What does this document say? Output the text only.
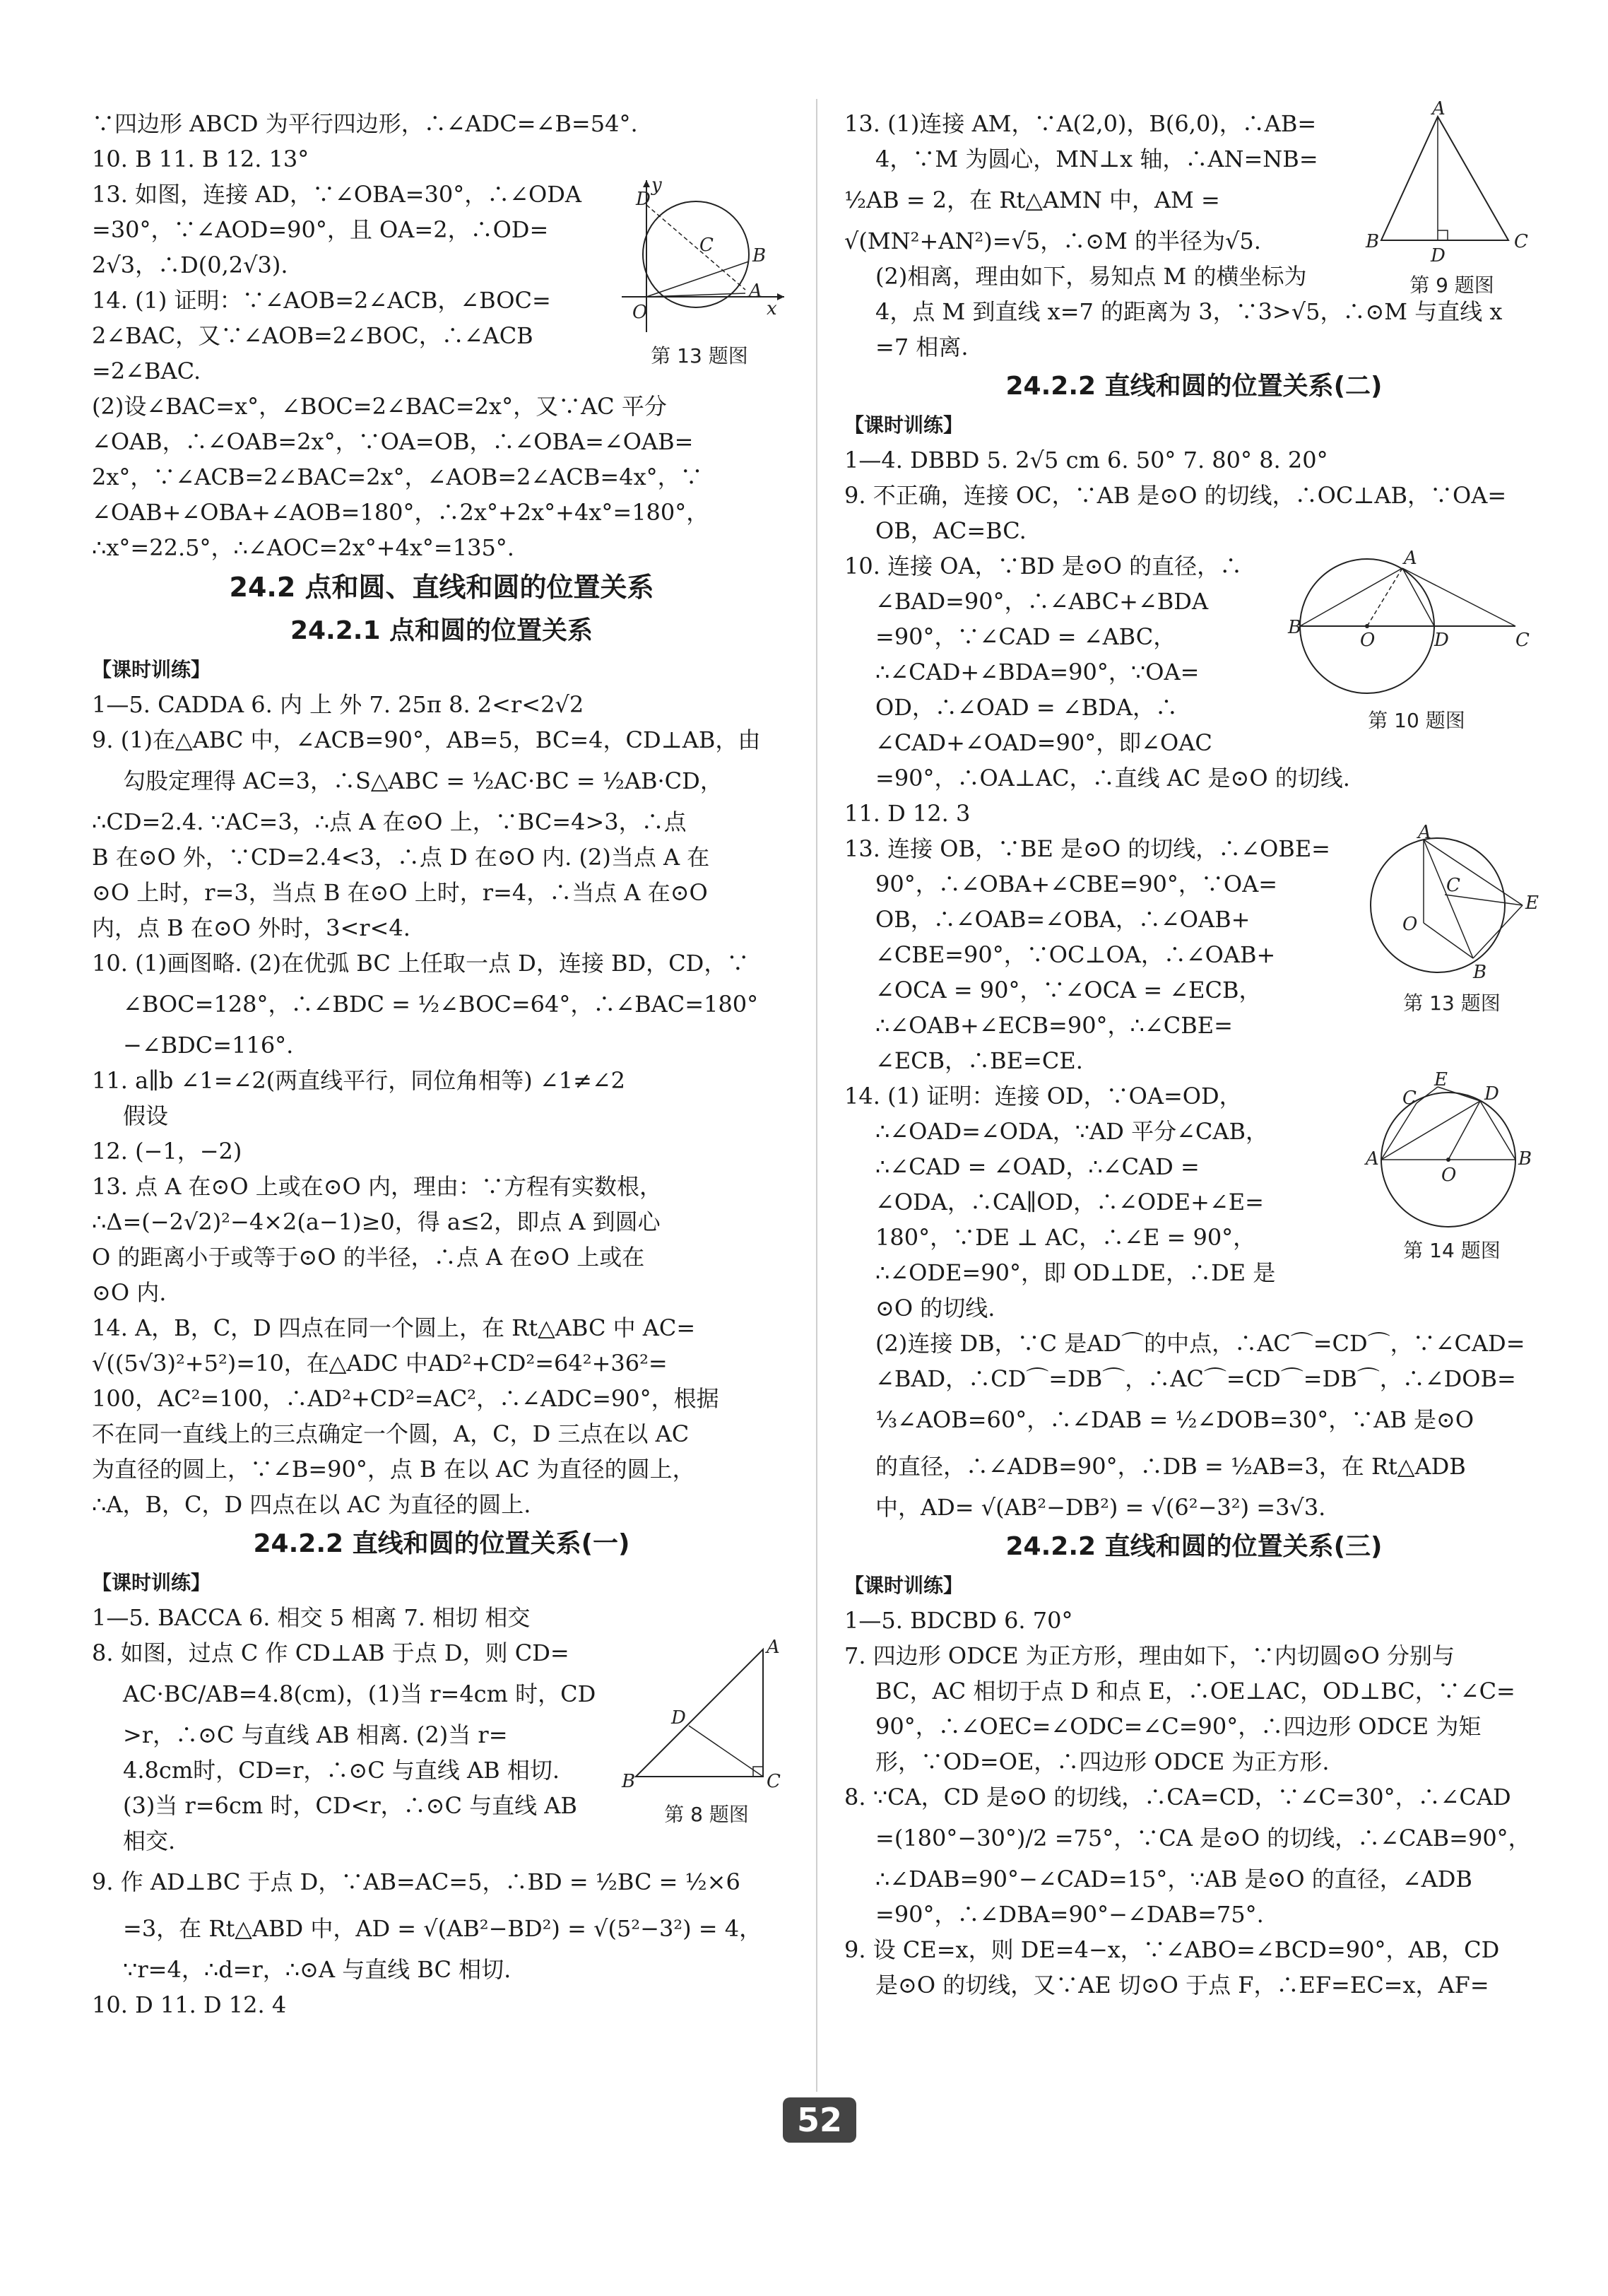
∵四边形 ABCD 为平行四边形，∴∠ADC=∠B=54°.
10. B 11. B 12. 13°
D
C B
A
O	x
y
第 13 题图
13. 如图，连接 AD，∵∠OBA=30°，∴∠ODA
=30°，∵∠AOD=90°，且 OA=2，∴OD=
2√3，∴D(0,2√3).
14. (1) 证明：∵∠AOB=2∠ACB，∠BOC=
2∠BAC，又∵∠AOB=2∠BOC，∴∠ACB
=2∠BAC.
(2)设∠BAC=x°，∠BOC=2∠BAC=2x°，又∵AC 平分
∠OAB，∴∠OAB=2x°，∵OA=OB，∴∠OBA=∠OAB=
2x°，∵∠ACB=2∠BAC=2x°，∠AOB=2∠ACB=4x°，∵
∠OAB+∠OBA+∠AOB=180°，∴2x°+2x°+4x°=180°，
∴x°=22.5°，∴∠AOC=2x°+4x°=135°.
24.2 点和圆、直线和圆的位置关系
24.2.1 点和圆的位置关系
【课时训练】
1—5. CADDA 6. 内 上 外 7. 25π 8. 2<r<2√2
9. (1)在△ABC 中，∠ACB=90°，AB=5，BC=4，CD⊥AB，由
勾股定理得 AC=3，∴S△ABC = ½AC·BC = ½AB·CD，
∴CD=2.4. ∵AC=3，∴点 A 在⊙O 上，∵BC=4>3，∴点
B 在⊙O 外，∵CD=2.4<3，∴点 D 在⊙O 内. (2)当点 A 在
⊙O 上时，r=3，当点 B 在⊙O 上时，r=4，∴当点 A 在⊙O
内，点 B 在⊙O 外时，3<r<4.
10. (1)画图略. (2)在优弧 BC 上任取一点 D，连接 BD，CD，∵
∠BOC=128°，∴∠BDC = ½∠BOC=64°，∴∠BAC=180°
−∠BDC=116°.
11. a∥b ∠1=∠2(两直线平行，同位角相等) ∠1≠∠2
假设
12. (−1，−2)
13. 点 A 在⊙O 上或在⊙O 内，理由：∵方程有实数根，
∴Δ=(−2√2)²−4×2(a−1)≥0，得 a≤2，即点 A 到圆心
O 的距离小于或等于⊙O 的半径，∴点 A 在⊙O 上或在
⊙O 内.
14. A，B，C，D 四点在同一个圆上，在 Rt△ABC 中 AC=
√((5√3)²+5²)=10，在△ADC 中AD²+CD²=64²+36²=
100，AC²=100，∴AD²+CD²=AC²，∴∠ADC=90°，根据
不在同一直线上的三点确定一个圆，A，C，D 三点在以 AC
为直径的圆上，∵∠B=90°，点 B 在以 AC 为直径的圆上，
∴A，B，C，D 四点在以 AC 为直径的圆上.
24.2.2 直线和圆的位置关系(一)
【课时训练】
1—5. BACCA 6. 相交 5 相离 7. 相切 相交
A
B	C
D
第 8 题图
8. 如图，过点 C 作 CD⊥AB 于点 D，则 CD=
AC·BC/AB=4.8(cm)，(1)当 r=4cm 时，CD
>r，∴⊙C 与直线 AB 相离. (2)当 r=
4.8cm时，CD=r，∴⊙C 与直线 AB 相切.
(3)当 r=6cm 时，CD<r，∴⊙C 与直线 AB
相交.
9. 作 AD⊥BC 于点 D，∵AB=AC=5，∴BD = ½BC = ½×6
=3，在 Rt△ABD 中，AD = √(AB²−BD²) = √(5²−3²) = 4，
∵r=4，∴d=r，∴⊙A 与直线 BC 相切.
10. D 11. D 12. 4
A
B	C
D
第 9 题图
13. (1)连接 AM，∵A(2,0)，B(6,0)，∴AB=
4，∵M 为圆心，MN⊥x 轴，∴AN=NB=
½AB = 2，在 Rt△AMN 中，AM =
√(MN²+AN²)=√5，∴⊙M 的半径为√5.
(2)相离，理由如下，易知点 M 的横坐标为
4，点 M 到直线 x=7 的距离为 3，∵3>√5，∴⊙M 与直线 x
=7 相离.
24.2.2 直线和圆的位置关系(二)
【课时训练】
1—4. DBBD 5. 2√5 cm 6. 50° 7. 80° 8. 20°
9. 不正确，连接 OC，∵AB 是⊙O 的切线，∴OC⊥AB，∵OA=
OB，AC=BC.
A
B
O	D	C
第 10 题图
10. 连接 OA，∵BD 是⊙O 的直径，∴
∠BAD=90°，∴∠ABC+∠BDA
=90°，∵∠CAD = ∠ABC，
∴∠CAD+∠BDA=90°，∵OA=
OD，∴∠OAD = ∠BDA，∴
∠CAD+∠OAD=90°，即∠OAC
=90°，∴OA⊥AC，∴直线 AC 是⊙O 的切线.
11. D 12. 3
A
O
C
E
B
第 13 题图
13. 连接 OB，∵BE 是⊙O 的切线，∴∠OBE=
90°，∴∠OBA+∠CBE=90°，∵OA=
OB，∴∠OAB=∠OBA，∴∠OAB+
∠CBE=90°，∵OC⊥OA，∴∠OAB+
∠OCA = 90°，∵∠OCA = ∠ECB，
∴∠OAB+∠ECB=90°，∴∠CBE=
∠ECB，∴BE=CE.
A	B
C
E
D
O
第 14 题图
14. (1) 证明：连接 OD，∵OA=OD，
∴∠OAD=∠ODA，∵AD 平分∠CAB，
∴∠CAD = ∠OAD，∴∠CAD =
∠ODA，∴CA∥OD，∴∠ODE+∠E=
180°，∵DE ⊥ AC，∴∠E = 90°，
∴∠ODE=90°，即 OD⊥DE，∴DE 是
⊙O 的切线.
(2)连接 DB，∵C 是AD⌒的中点，∴AC⌒=CD⌒，∵∠CAD=
∠BAD，∴CD⌒=DB⌒，∴AC⌒=CD⌒=DB⌒，∴∠DOB=
⅓∠AOB=60°，∴∠DAB = ½∠DOB=30°，∵AB 是⊙O
的直径，∴∠ADB=90°，∴DB = ½AB=3，在 Rt△ADB
中，AD= √(AB²−DB²) = √(6²−3²) =3√3.
24.2.2 直线和圆的位置关系(三)
【课时训练】
1—5. BDCBD 6. 70°
7. 四边形 ODCE 为正方形，理由如下，∵内切圆⊙O 分别与
BC，AC 相切于点 D 和点 E，∴OE⊥AC，OD⊥BC，∵∠C=
90°，∴∠OEC=∠ODC=∠C=90°，∴四边形 ODCE 为矩
形，∵OD=OE，∴四边形 ODCE 为正方形.
8. ∵CA，CD 是⊙O 的切线，∴CA=CD，∵∠C=30°，∴∠CAD
=(180°−30°)/2 =75°，∵CA 是⊙O 的切线，∴∠CAB=90°，
∴∠DAB=90°−∠CAD=15°，∵AB 是⊙O 的直径，∠ADB
=90°，∴∠DBA=90°−∠DAB=75°.
9. 设 CE=x，则 DE=4−x，∵∠ABO=∠BCD=90°，AB，CD
是⊙O 的切线，又∵AE 切⊙O 于点 F，∴EF=EC=x，AF=
52
